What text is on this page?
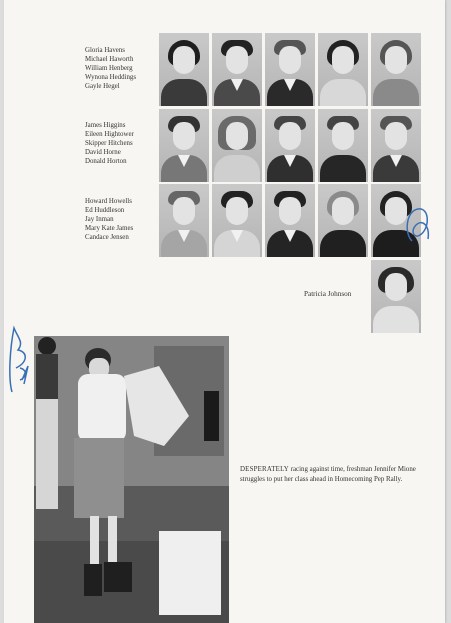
Gloria Havens
Michael Haworth
William Henberg
Wynona Heddings
Gayle Hegel
James Higgins
Eileen Hightower
Skipper Hitchens
David Horne
Donald Horton
Howard Howells
Ed Huddleson
Jay Inman
Mary Kate James
Candace Jensen
Patricia Johnson
DESPERATELY racing against time, freshman Jennifer Mione struggles to put her class ahead in Homecoming Pep Rally.
